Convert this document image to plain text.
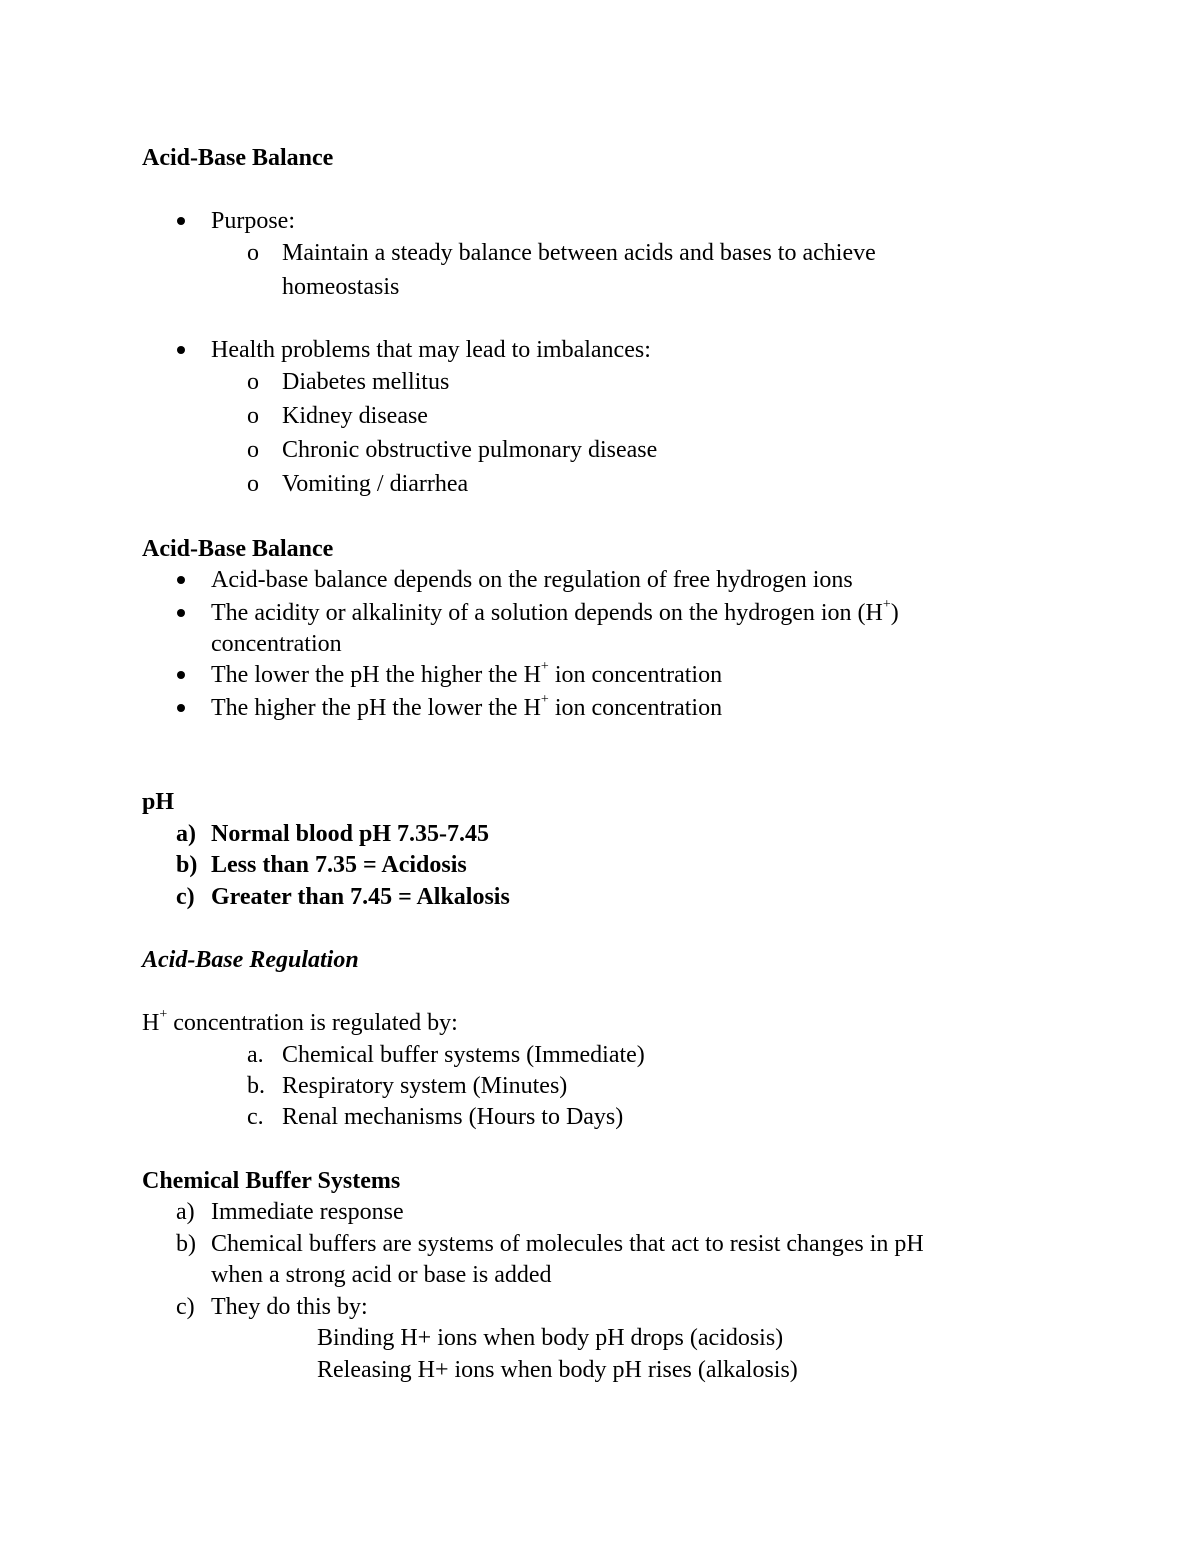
Acid-Base Balance
Purpose:
o Maintain a steady balance between acids and bases to achieve
homeostasis
Health problems that may lead to imbalances:
o Diabetes mellitus
o Kidney disease
o Chronic obstructive pulmonary disease
o Vomiting / diarrhea
Acid-Base Balance
Acid-base balance depends on the regulation of free hydrogen ions
The acidity or alkalinity of a solution depends on the hydrogen ion (H+)
concentration
The lower the pH the higher the H+ ion concentration
The higher the pH the lower the H+ ion concentration
pH
a) Normal blood pH 7.35-7.45
b) Less than 7.35 = Acidosis
c) Greater than 7.45 = Alkalosis
Acid-Base Regulation
H+ concentration is regulated by:
a. Chemical buffer systems (Immediate)
b. Respiratory system (Minutes)
c. Renal mechanisms (Hours to Days)
Chemical Buffer Systems
a) Immediate response
b) Chemical buffers are systems of molecules that act to resist changes in pH
when a strong acid or base is added
c) They do this by:
Binding H+ ions when body pH drops (acidosis)
Releasing H+ ions when body pH rises (alkalosis)
